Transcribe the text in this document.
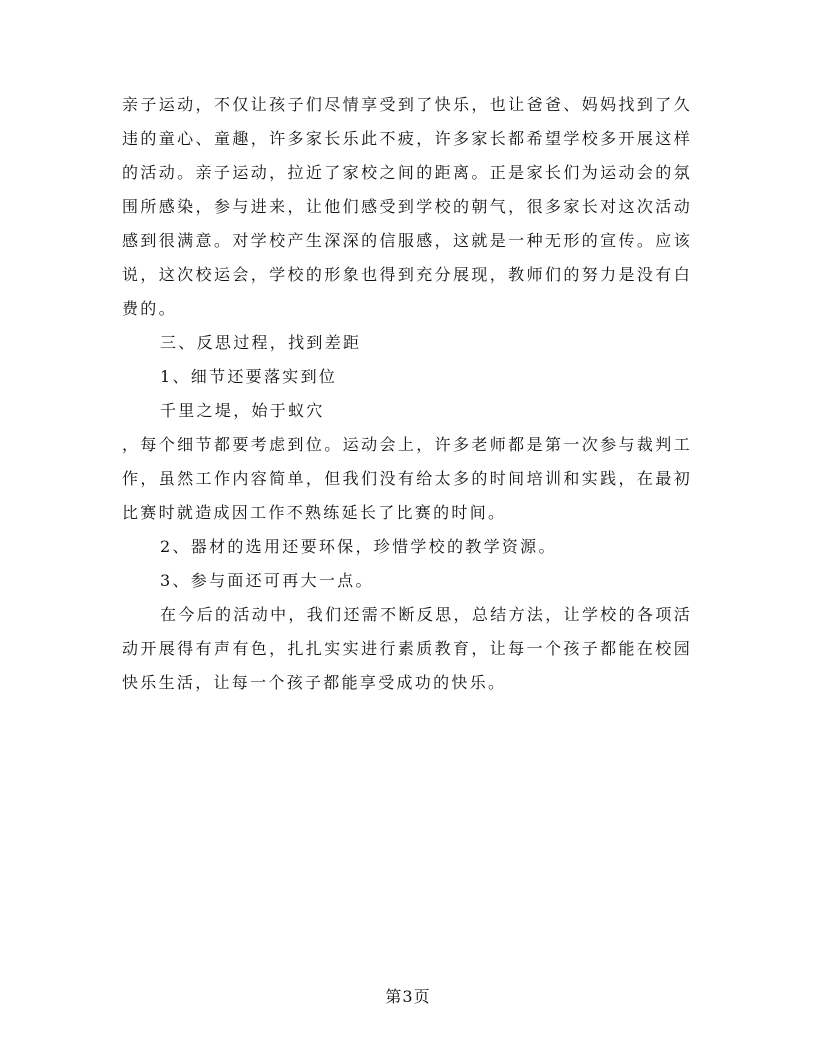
亲子运动，不仅让孩子们尽情享受到了快乐，也让爸爸、妈妈找到了久违的童心、童趣，许多家长乐此不疲，许多家长都希望学校多开展这样的活动。亲子运动，拉近了家校之间的距离。正是家长们为运动会的氛围所感染，参与进来，让他们感受到学校的朝气，很多家长对这次活动感到很满意。对学校产生深深的信服感，这就是一种无形的宣传。应该说，这次校运会，学校的形象也得到充分展现，教师们的努力是没有白费的。

三、反思过程，找到差距

1、细节还要落实到位

千里之堤，始于蚁穴

，每个细节都要考虑到位。运动会上，许多老师都是第一次参与裁判工作，虽然工作内容简单，但我们没有给太多的时间培训和实践，在最初比赛时就造成因工作不熟练延长了比赛的时间。

2、器材的选用还要环保，珍惜学校的教学资源。

3、参与面还可再大一点。

在今后的活动中，我们还需不断反思，总结方法，让学校的各项活动开展得有声有色，扎扎实实进行素质教育，让每一个孩子都能在校园快乐生活，让每一个孩子都能享受成功的快乐。

第3页
